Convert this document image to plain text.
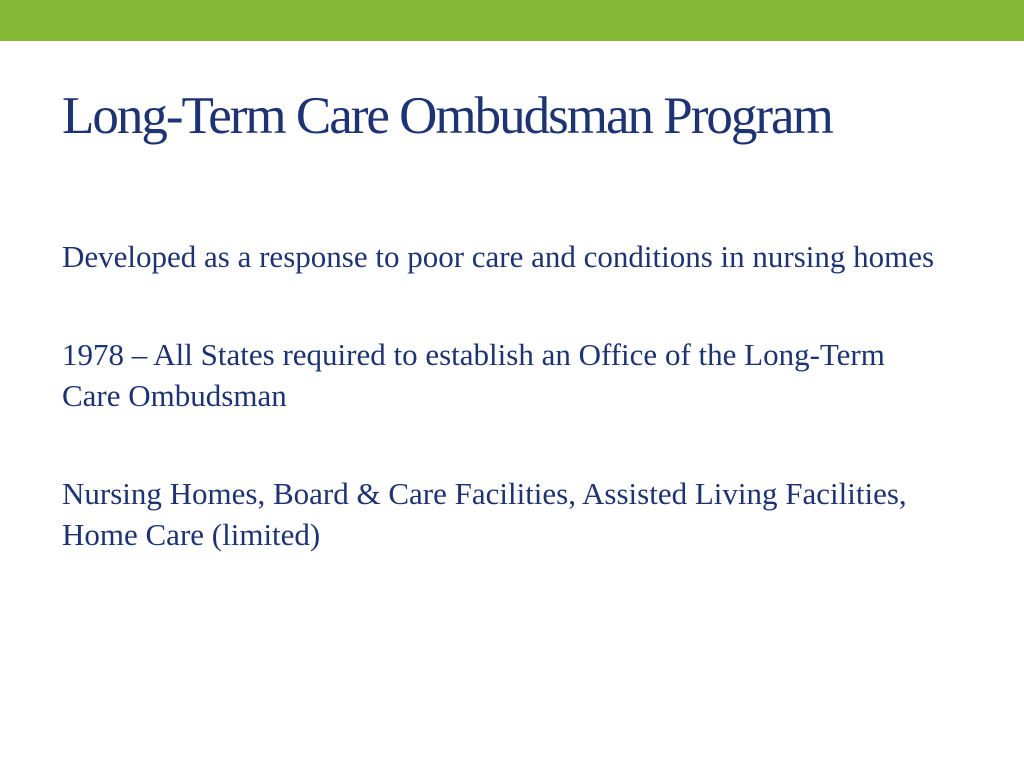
Long-Term Care Ombudsman Program
Developed as a response to poor care and conditions in nursing homes
1978 – All States required to establish an Office of the Long-Term Care Ombudsman
Nursing Homes, Board & Care Facilities, Assisted Living Facilities, Home Care (limited)
